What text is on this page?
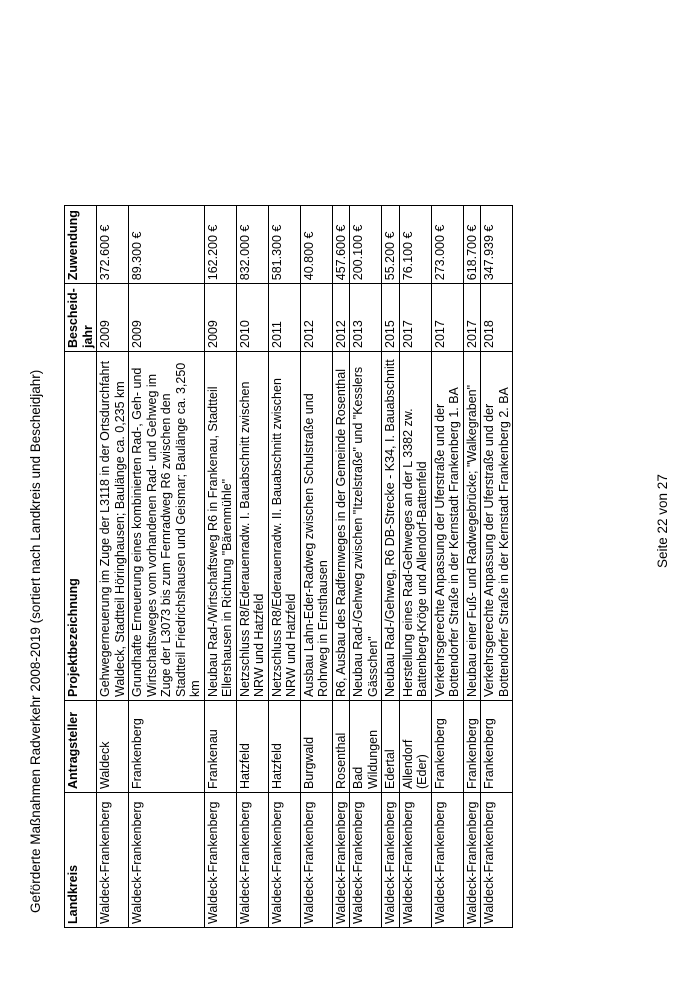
Geförderte Maßnahmen Radverkehr 2008-2019 (sortiert nach Landkreis und Bescheidjahr) Landkreis	Antragsteller	Projektbezeichnung	Bescheid-jahr	Zuwendung
Waldeck-Frankenberg	Waldeck	Gehwegerneuerung im Zuge der L3118 in der Ortsdurchfahrt Waldeck, Stadtteil Höringhausen; Baulänge ca. 0,235 km	2009	372.600 €
Waldeck-Frankenberg	Frankenberg	Grundhafte Erneuerung eines kombinierten Rad-, Geh- und Wirtschaftsweges vom vorhandenen Rad- und Gehweg im Zuge der L3073 bis zum Fernradweg R6 zwischen den Stadtteil Friedrichshausen und Geismar; Baulänge ca. 3,250 km	2009	89.300 €
Waldeck-Frankenberg	Frankenau	Neubau Rad-/Wirtschaftsweg R6 in Frankenau, Stadtteil Ellershausen in Richtung "Bärenmühle"	2009	162.200 €
Waldeck-Frankenberg	Hatzfeld	Netzschluss R8/Ederauenradw. I. Bauabschnitt zwischen NRW und Hatzfeld	2010	832.000 €
Waldeck-Frankenberg	Hatzfeld	Netzschluss R8/Ederauenradw. II. Bauabschnitt zwischen NRW und Hatzfeld	2011	581.300 €
Waldeck-Frankenberg	Burgwald	Ausbau Lahn-Eder-Radweg zwischen Schulstraße und Rohrweg in Ernsthausen	2012	40.800 €
Waldeck-Frankenberg	Rosenthal	R6, Ausbau des Radfernweges in der Gemeinde Rosenthal	2012	457.600 €
Waldeck-Frankenberg	Bad Wildungen	Neubau Rad-/Gehweg zwischen "Itzelstraße" und "Kesslers Gässchen"	2013	200.100 €
Waldeck-Frankenberg	Edertal	Neubau Rad-/Gehweg, R6 DB-Strecke - K34, I. Bauabschnitt	2015	55.200 €
Waldeck-Frankenberg	Allendorf (Eder)	Herstellung eines Rad-Gehweges an der L 3382 zw. Battenberg-Kröge und Allendorf-Battenfeld	2017	76.100 €
Waldeck-Frankenberg	Frankenberg	Verkehrsgerechte Anpassung der Uferstraße und der Bottendorfer Straße in der Kernstadt Frankenberg 1. BA	2017	273.000 €
Waldeck-Frankenberg	Frankenberg	Neubau einer Fuß- und Radwegebrücke; "Walkegraben"	2017	618.700 €
Waldeck-Frankenberg	Frankenberg	Verkehrsgerechte Anpassung der Uferstraße und der Bottendorfer Straße in der Kernstadt Frankenberg 2. BA	2018	347.939 €
Seite 22 von 27
